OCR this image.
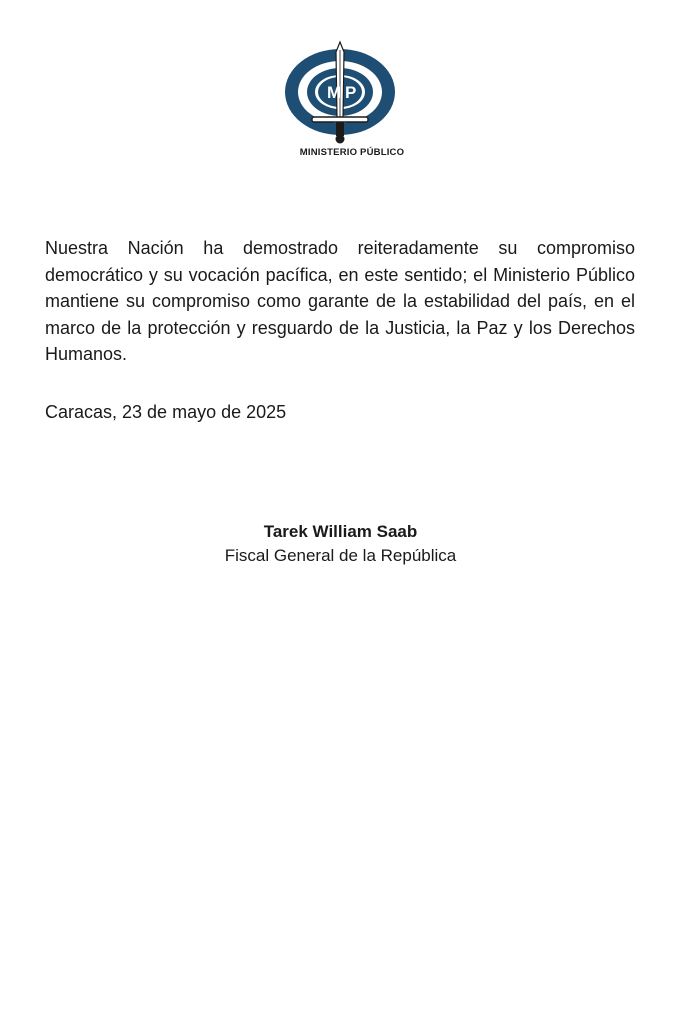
M P
MINISTERIO PÚBLICO

Nuestra Nación ha demostrado reiteradamente su compromiso democrático y su vocación pacífica, en este sentido; el Ministerio Público mantiene su compromiso como garante de la estabilidad del país, en el marco de la protección y resguardo de la Justicia, la Paz y los Derechos Humanos.

Caracas, 23 de mayo de 2025
Tarek William Saab
Fiscal General de la República
